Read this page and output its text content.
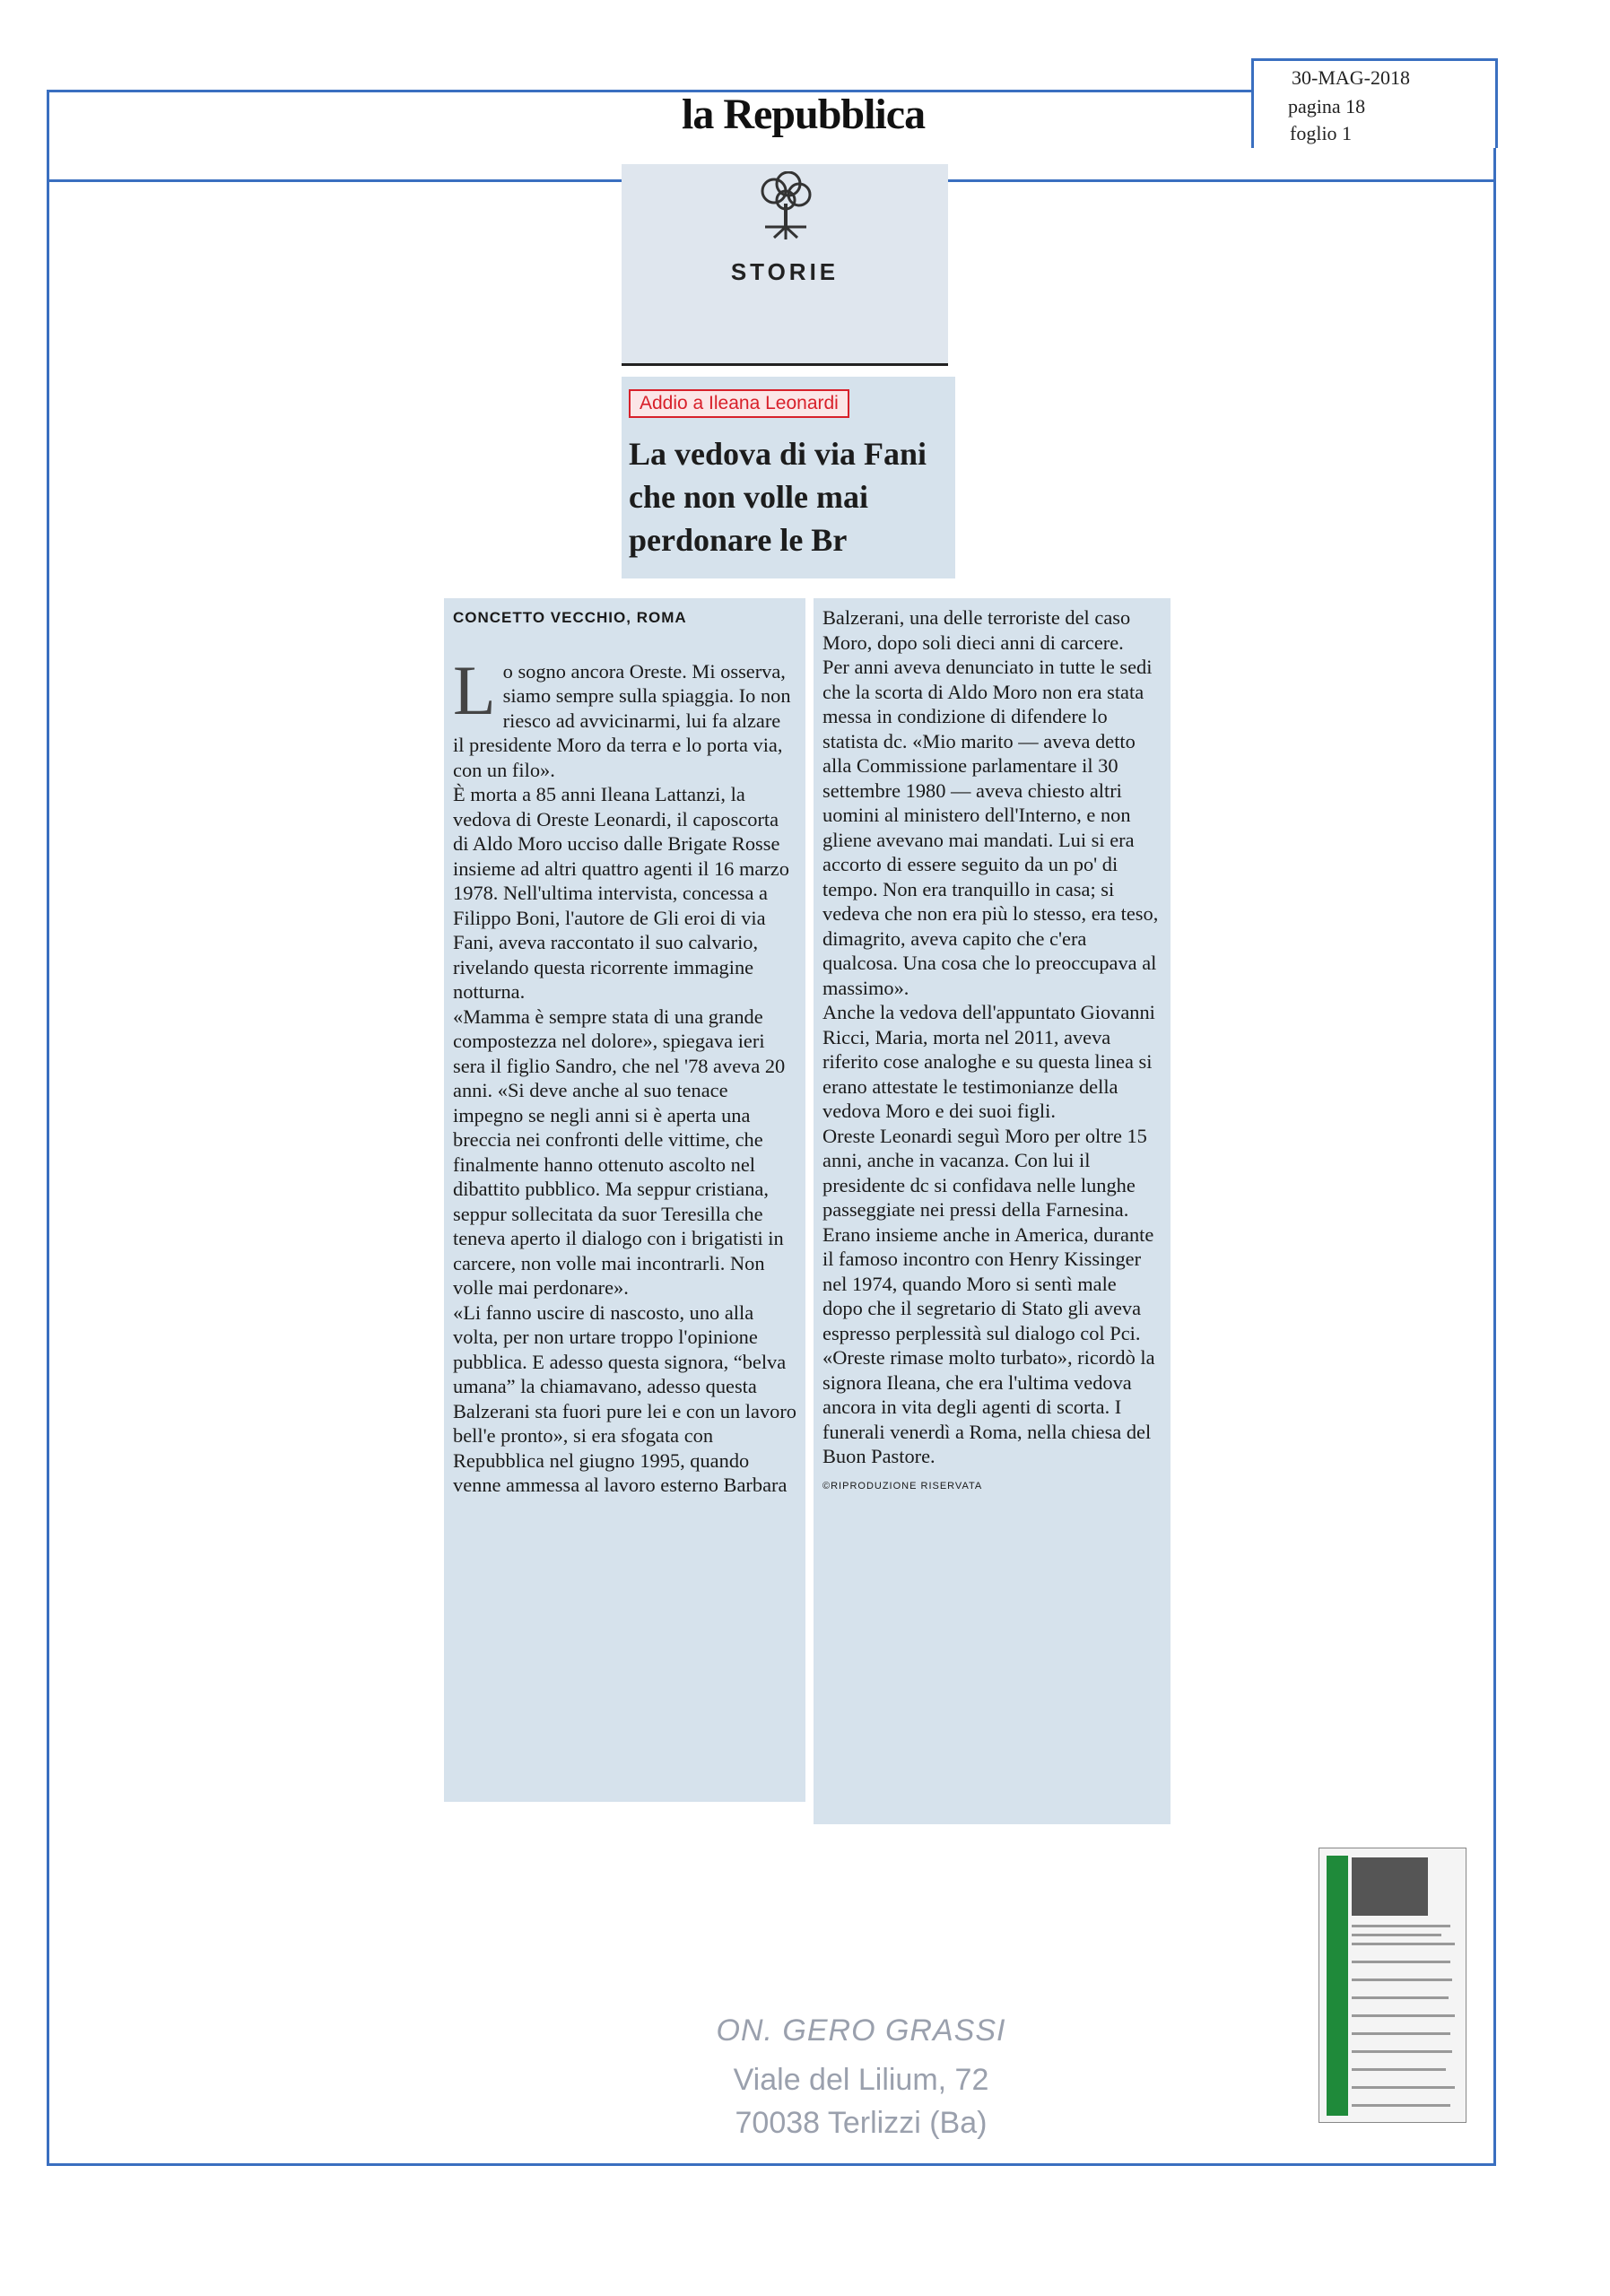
la Repubblica
30-MAG-2018
pagina 18
foglio 1
STORIE
Addio a Ileana Leonardi
La vedova di via Fani
che non volle mai
perdonare le Br
CONCETTO VECCHIO, ROMA
L o sogno ancora Oreste. Mi osserva, siamo sempre sulla spiaggia. Io non riesco ad avvicinarmi, lui fa alzare il presidente Moro da terra e lo porta via, con un filo».

È morta a 85 anni Ileana Lattanzi, la vedova di Oreste Leonardi, il caposcorta di Aldo Moro ucciso dalle Brigate Rosse insieme ad altri quattro agenti il 16 marzo 1978. Nell'ultima intervista, concessa a Filippo Boni, l'autore de Gli eroi di via Fani, aveva raccontato il suo calvario, rivelando questa ricorrente immagine notturna.

«Mamma è sempre stata di una grande compostezza nel dolore», spiegava ieri sera il figlio Sandro, che nel '78 aveva 20 anni. «Si deve anche al suo tenace impegno se negli anni si è aperta una breccia nei confronti delle vittime, che finalmente hanno ottenuto ascolto nel dibattito pubblico. Ma seppur cristiana, seppur sollecitata da suor Teresilla che teneva aperto il dialogo con i brigatisti in carcere, non volle mai incontrarli. Non volle mai perdonare».

«Li fanno uscire di nascosto, uno alla volta, per non urtare troppo l'opinione pubblica. E adesso questa signora, “belva umana” la chiamavano, adesso questa Balzerani sta fuori pure lei e con un lavoro bell'e pronto», si era sfogata con Repubblica nel giugno 1995, quando venne ammessa al lavoro esterno Barbara

Balzerani, una delle terroriste del caso Moro, dopo soli dieci anni di carcere.

Per anni aveva denunciato in tutte le sedi che la scorta di Aldo Moro non era stata messa in condizione di difendere lo statista dc. «Mio marito — aveva detto alla Commissione parlamentare il 30 settembre 1980 — aveva chiesto altri uomini al ministero dell'Interno, e non gliene avevano mai mandati. Lui si era accorto di essere seguito da un po' di tempo. Non era tranquillo in casa; si vedeva che non era più lo stesso, era teso, dimagrito, aveva capito che c'era qualcosa. Una cosa che lo preoccupava al massimo».

Anche la vedova dell'appuntato Giovanni Ricci, Maria, morta nel 2011, aveva riferito cose analoghe e su questa linea si erano attestate le testimonianze della vedova Moro e dei suoi figli.

Oreste Leonardi seguì Moro per oltre 15 anni, anche in vacanza. Con lui il presidente dc si confidava nelle lunghe passeggiate nei pressi della Farnesina. Erano insieme anche in America, durante il famoso incontro con Henry Kissinger nel 1974, quando Moro si sentì male dopo che il segretario di Stato gli aveva espresso perplessità sul dialogo col Pci. «Oreste rimase molto turbato», ricordò la signora Ileana, che era l'ultima vedova ancora in vita degli agenti di scorta. I funerali venerdì a Roma, nella chiesa del Buon Pastore.

©RIPRODUZIONE RISERVATA
ON. GERO GRASSI
Viale del Lilium, 72
70038 Terlizzi (Ba)
